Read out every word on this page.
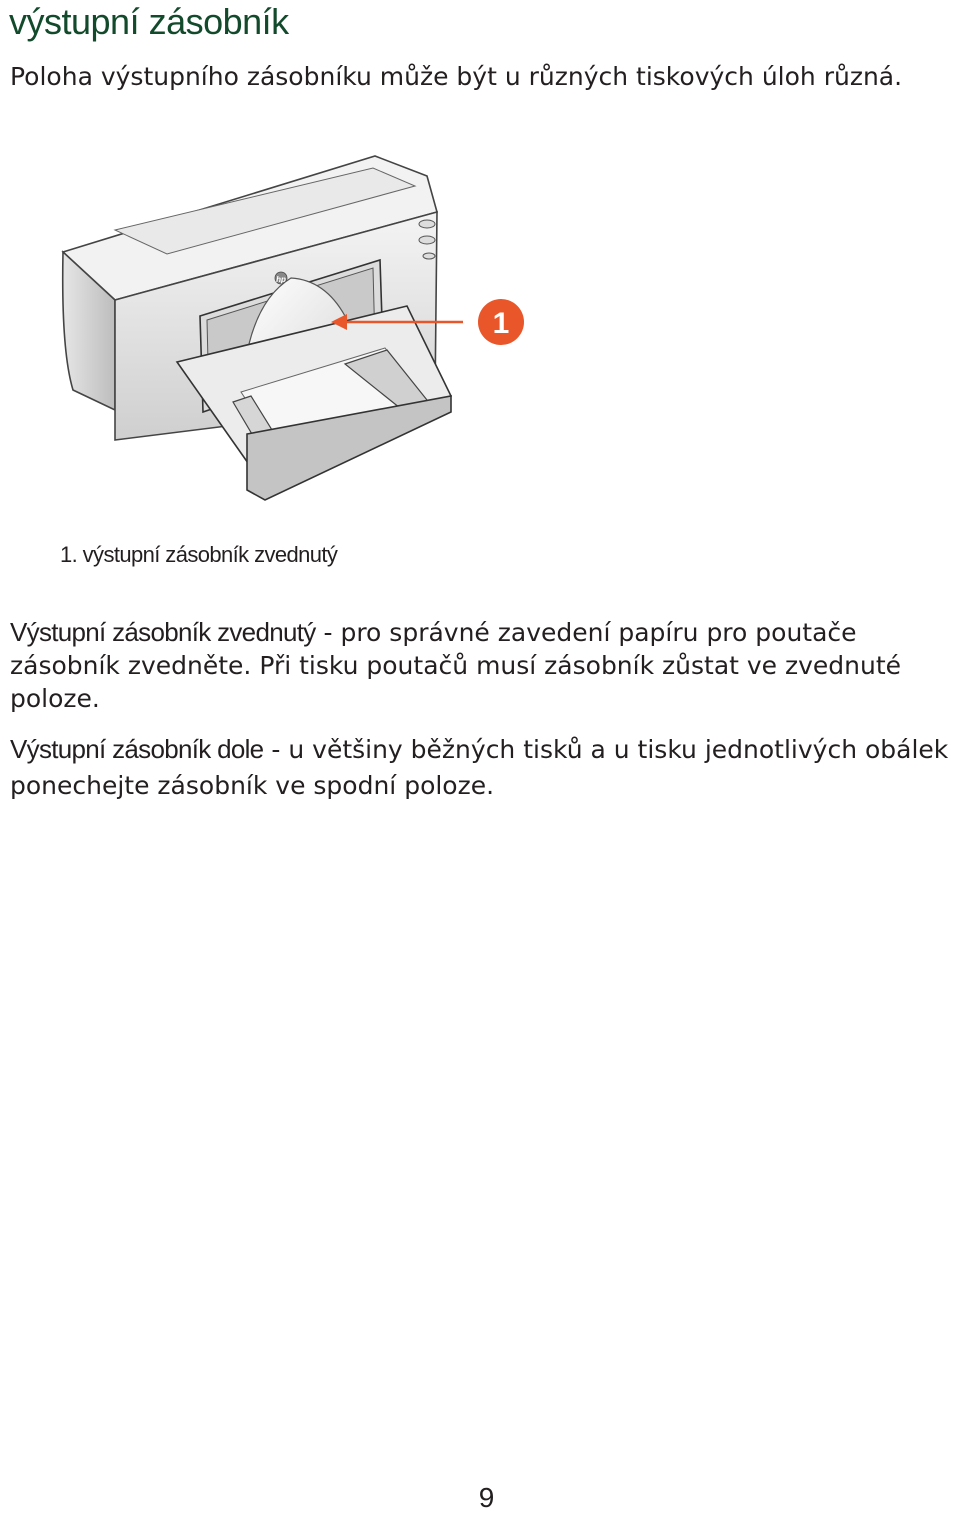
výstupní zásobník

Poloha výstupního zásobníku může být u různých tiskových úloh různá.

1
hp

1. výstupní zásobník zvednutý

Výstupní zásobník zvednutý - pro správné zavedení papíru pro poutače zásobník zvedněte. Při tisku poutačů musí zásobník zůstat ve zvednuté poloze.

Výstupní zásobník dole - u většiny běžných tisků a u tisku jednotlivých obálek ponechejte zásobník ve spodní poloze.

9
